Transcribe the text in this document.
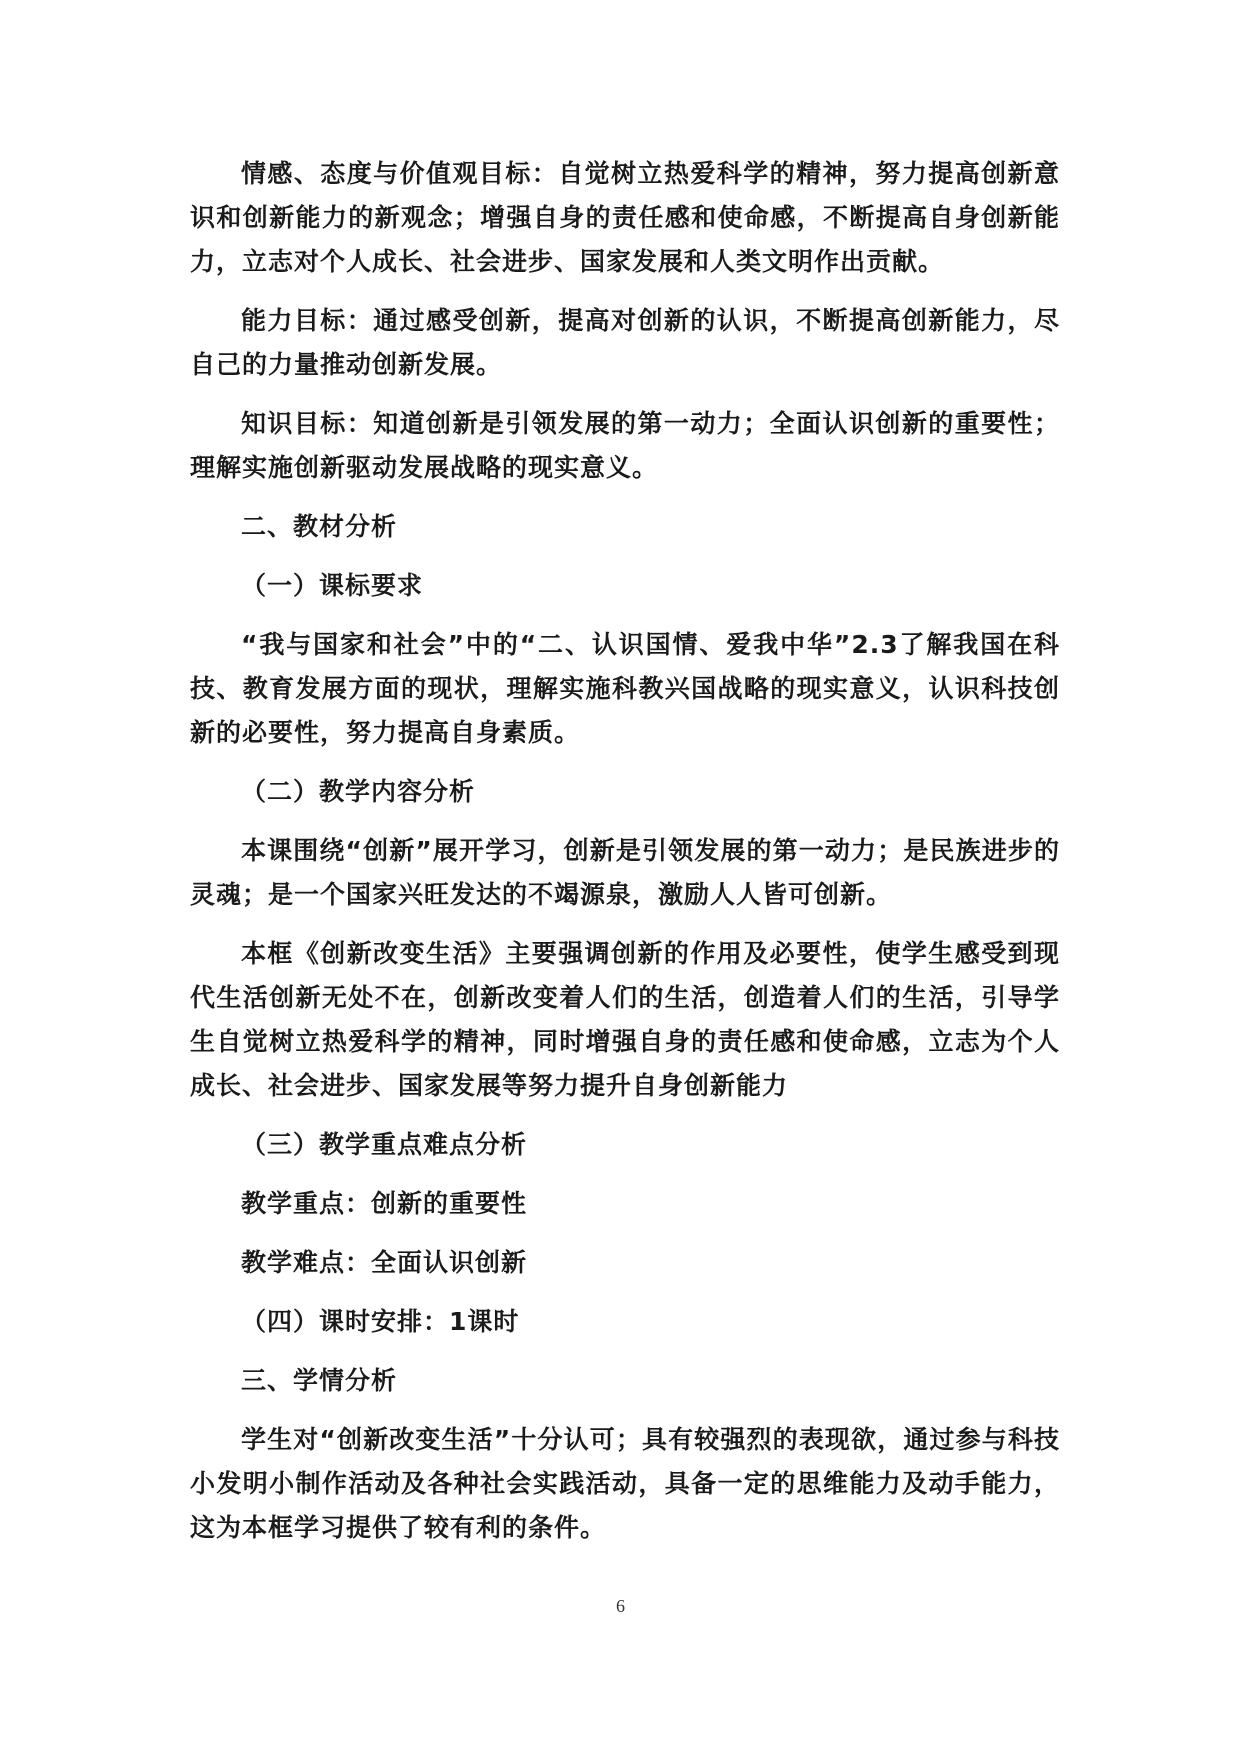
情感、态度与价值观目标：自觉树立热爱科学的精神，努力提高创新意识和创新能力的新观念；增强自身的责任感和使命感，不断提高自身创新能力，立志对个人成长、社会进步、国家发展和人类文明作出贡献。

能力目标：通过感受创新，提高对创新的认识，不断提高创新能力，尽自己的力量推动创新发展。

知识目标：知道创新是引领发展的第一动力；全面认识创新的重要性；理解实施创新驱动发展战略的现实意义。

二、教材分析

（一）课标要求

“我与国家和社会”中的“二、认识国情、爱我中华”2.3了解我国在科技、教育发展方面的现状，理解实施科教兴国战略的现实意义，认识科技创新的必要性，努力提高自身素质。

（二）教学内容分析

本课围绕“创新”展开学习，创新是引领发展的第一动力；是民族进步的灵魂；是一个国家兴旺发达的不竭源泉，激励人人皆可创新。

本框《创新改变生活》主要强调创新的作用及必要性，使学生感受到现代生活创新无处不在，创新改变着人们的生活，创造着人们的生活，引导学生自觉树立热爱科学的精神，同时增强自身的责任感和使命感，立志为个人成长、社会进步、国家发展等努力提升自身创新能力

（三）教学重点难点分析

教学重点：创新的重要性

教学难点：全面认识创新

（四）课时安排：1课时

三、学情分析

学生对“创新改变生活”十分认可；具有较强烈的表现欲，通过参与科技小发明小制作活动及各种社会实践活动，具备一定的思维能力及动手能力，这为本框学习提供了较有利的条件。

6
